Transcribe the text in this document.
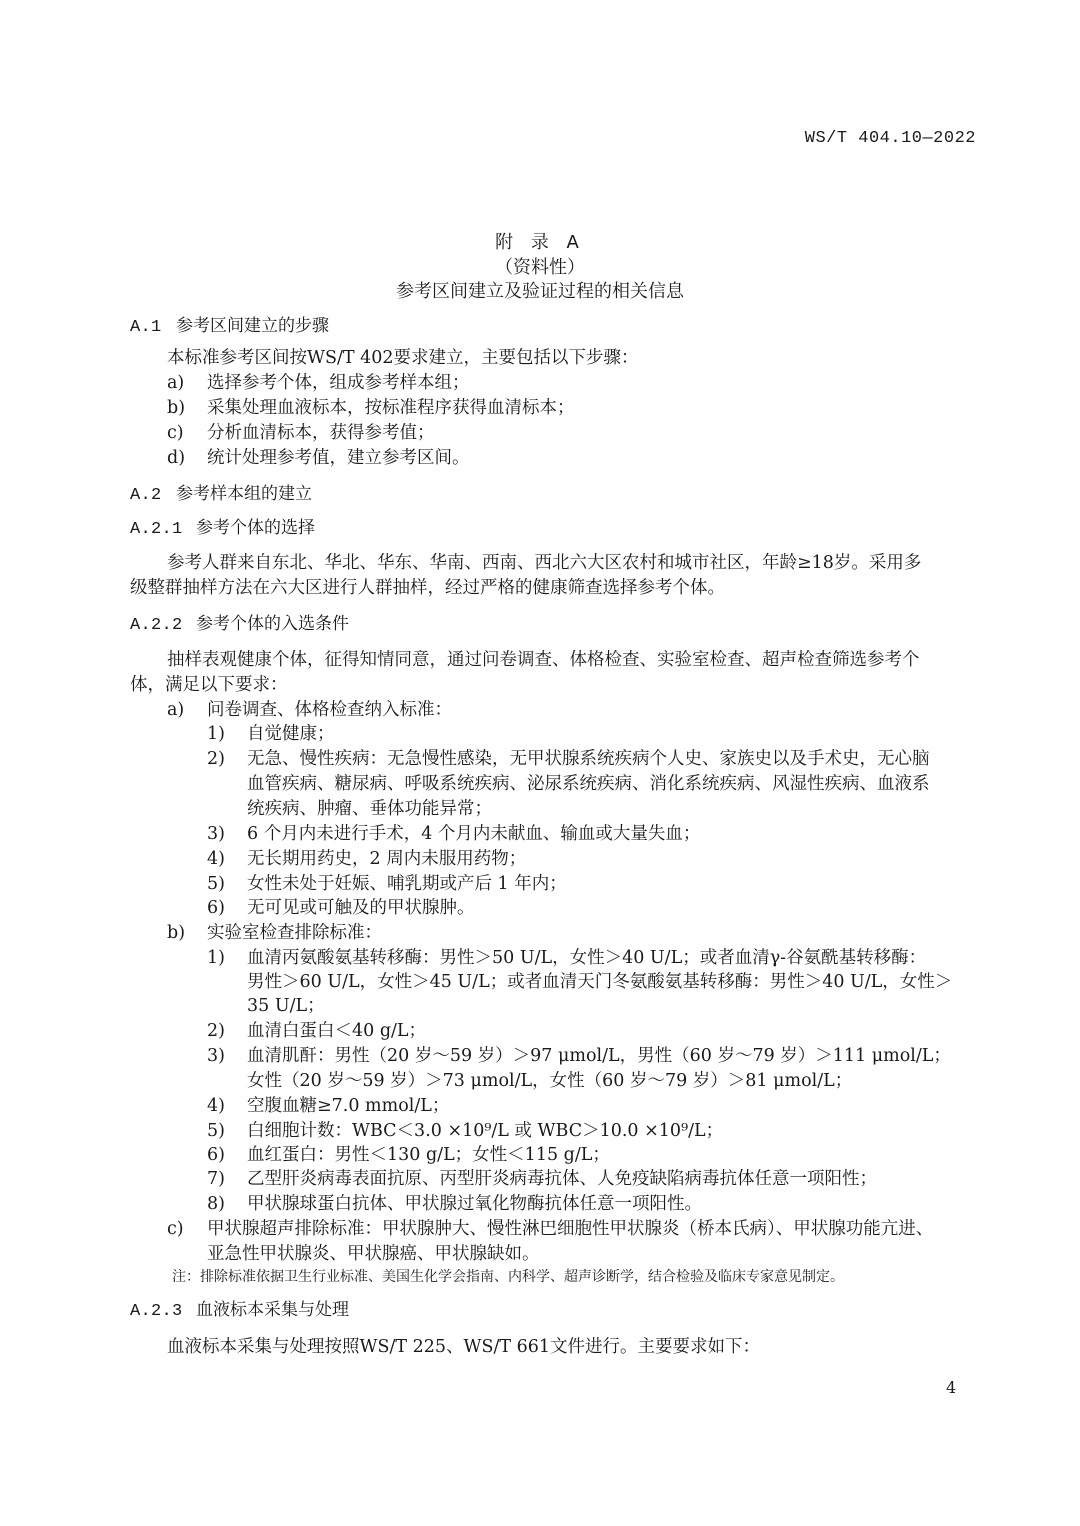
WS/T 404.10—2022
附 录 A
（资料性）
参考区间建立及验证过程的相关信息
A.1 参考区间建立的步骤
本标准参考区间按WS/T 402要求建立，主要包括以下步骤：
a) 选择参考个体，组成参考样本组；
b) 采集处理血液标本，按标准程序获得血清标本；
c) 分析血清标本，获得参考值；
d) 统计处理参考值，建立参考区间。
A.2 参考样本组的建立
A.2.1 参考个体的选择
参考人群来自东北、华北、华东、华南、西南、西北六大区农村和城市社区，年龄≥18岁。采用多
级整群抽样方法在六大区进行人群抽样，经过严格的健康筛查选择参考个体。
A.2.2 参考个体的入选条件
抽样表观健康个体，征得知情同意，通过问卷调查、体格检查、实验室检查、超声检查筛选参考个
体，满足以下要求：
a) 问卷调查、体格检查纳入标准：
1) 自觉健康；
2) 无急、慢性疾病：无急慢性感染，无甲状腺系统疾病个人史、家族史以及手术史，无心脑
血管疾病、糖尿病、呼吸系统疾病、泌尿系统疾病、消化系统疾病、风湿性疾病、血液系
统疾病、肿瘤、垂体功能异常；
3) 6 个月内未进行手术，4 个月内未献血、输血或大量失血；
4) 无长期用药史，2 周内未服用药物；
5) 女性未处于妊娠、哺乳期或产后 1 年内；
6) 无可见或可触及的甲状腺肿。
b) 实验室检查排除标准：
1) 血清丙氨酸氨基转移酶：男性＞50 U/L，女性＞40 U/L；或者血清γ-谷氨酰基转移酶：
男性＞60 U/L，女性＞45 U/L；或者血清天门冬氨酸氨基转移酶：男性＞40 U/L，女性＞
35 U/L；
2) 血清白蛋白＜40 g/L；
3) 血清肌酐：男性（20 岁～59 岁）＞97 μmol/L，男性（60 岁～79 岁）＞111 μmol/L；
女性（20 岁～59 岁）＞73 μmol/L，女性（60 岁～79 岁）＞81 μmol/L；
4) 空腹血糖≥7.0 mmol/L；
5) 白细胞计数：WBC＜3.0 ×10⁹/L 或 WBC＞10.0 ×10⁹/L；
6) 血红蛋白：男性＜130 g/L；女性＜115 g/L；
7) 乙型肝炎病毒表面抗原、丙型肝炎病毒抗体、人免疫缺陷病毒抗体任意一项阳性；
8) 甲状腺球蛋白抗体、甲状腺过氧化物酶抗体任意一项阳性。
c) 甲状腺超声排除标准：甲状腺肿大、慢性淋巴细胞性甲状腺炎（桥本氏病）、甲状腺功能亢进、
亚急性甲状腺炎、甲状腺癌、甲状腺缺如。
注：排除标准依据卫生行业标准、美国生化学会指南、内科学、超声诊断学，结合检验及临床专家意见制定。
A.2.3 血液标本采集与处理
血液标本采集与处理按照WS/T 225、WS/T 661文件进行。主要要求如下：
4
